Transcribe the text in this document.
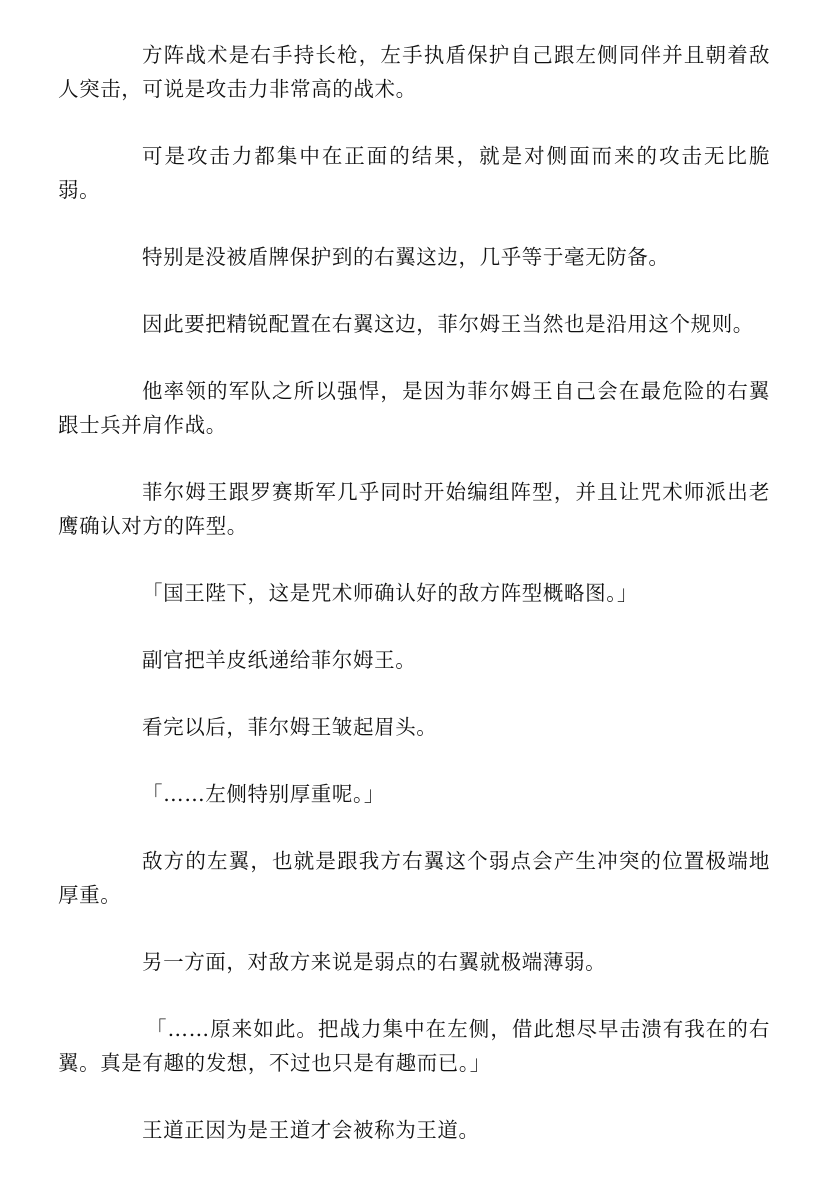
方阵战术是右手持长枪，左手执盾保护自己跟左侧同伴并且朝着敌人突击，可说是攻击力非常高的战术。

可是攻击力都集中在正面的结果，就是对侧面而来的攻击无比脆弱。

特别是没被盾牌保护到的右翼这边，几乎等于毫无防备。

因此要把精锐配置在右翼这边，菲尔姆王当然也是沿用这个规则。

他率领的军队之所以强悍，是因为菲尔姆王自己会在最危险的右翼跟士兵并肩作战。

菲尔姆王跟罗赛斯军几乎同时开始编组阵型，并且让咒术师派出老鹰确认对方的阵型。

「国王陛下，这是咒术师确认好的敌方阵型概略图。」

副官把羊皮纸递给菲尔姆王。

看完以后，菲尔姆王皱起眉头。

「……左侧特别厚重呢。」

敌方的左翼，也就是跟我方右翼这个弱点会产生冲突的位置极端地厚重。

另一方面，对敌方来说是弱点的右翼就极端薄弱。

「……原来如此。把战力集中在左侧，借此想尽早击溃有我在的右翼。真是有趣的发想，不过也只是有趣而已。」

王道正因为是王道才会被称为王道。
